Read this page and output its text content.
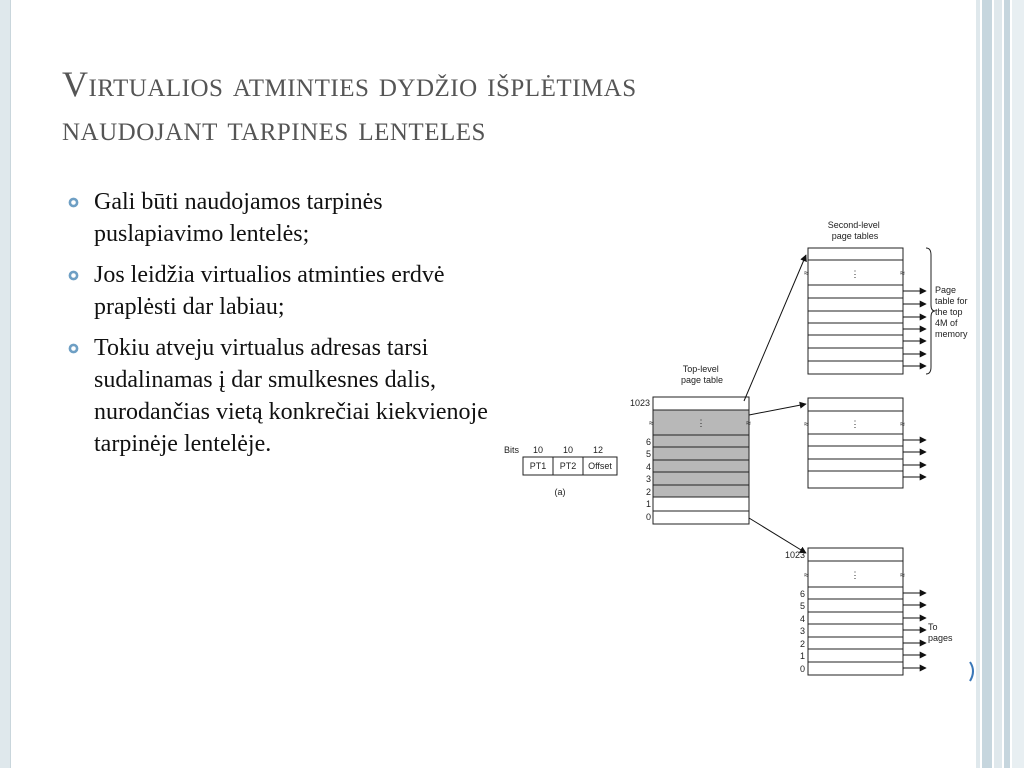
Virtualios atminties dydžio išplėtimas
naudojant tarpines lenteles
Gali būti naudojamos tarpinės puslapiavimo lentelės;
Jos leidžia virtualios atminties erdvė praplėsti dar labiau;
Tokiu atveju virtualus adresas tarsi sudalinamas į dar smulkesnes dalis, nurodančias vietą konkrečiai kiekvienoje tarpinėje lentelėje.
Second-level page tables
⋮
≈	≈
Page table for the top 4M of memory
Top-level page table
⋮
≈	≈
1023
6
5
4
3
2
1
0
Bits 10 10 12
PT1 PT2 Offset
(a)
⋮
≈	≈
1023
⋮
≈	≈
6
5
4
3
2
1
0
To pages
